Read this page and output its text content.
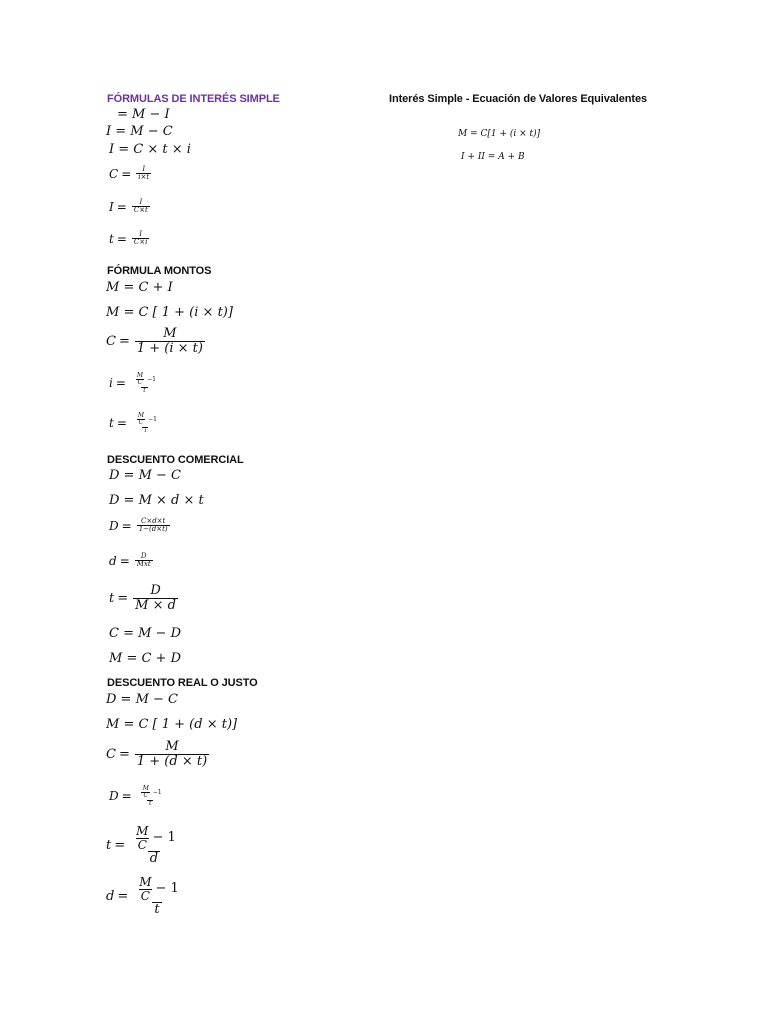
FÓRMULAS DE INTERÉS SIMPLE
= M − I
I = M − C
I = C × t × i
$C = \frac{I}{i\times t}$
$I = \frac{I}{C\times t}$
$t = \frac{I}{C\times i}$
FÓRMULA MONTOS
M = C + I
M = C [ 1 + (i × t)]
$C = \frac{M}{1 + (i \times t)}$
$i = \frac{\frac{M}{C} -1}{t}$
$t = \frac{\frac{M}{C} -1}{i}$
DESCUENTO COMERCIAL
D = M − C
D = M × d × t
$D = \frac{C\times d\times t}{1-(d\times t)}$
$d = \frac{D}{\text{Mxt}}$
$t = \frac{D}{M \times d}$
C = M − D
M = C + D
DESCUENTO REAL O JUSTO
D = M − C
M = C [ 1 + (d × t)]
$C = \frac{M}{1 + (d \times t)}$
$D = \frac{\frac{M}{C} -1}{t}$
$t = \frac{\frac{M}{C} - 1}{d}$
$d = \frac{\frac{M}{C} - 1}{t}$
Interés Simple - Ecuación de Valores Equivalentes
M = C[1 + (i × t)]
I + II = A + B
